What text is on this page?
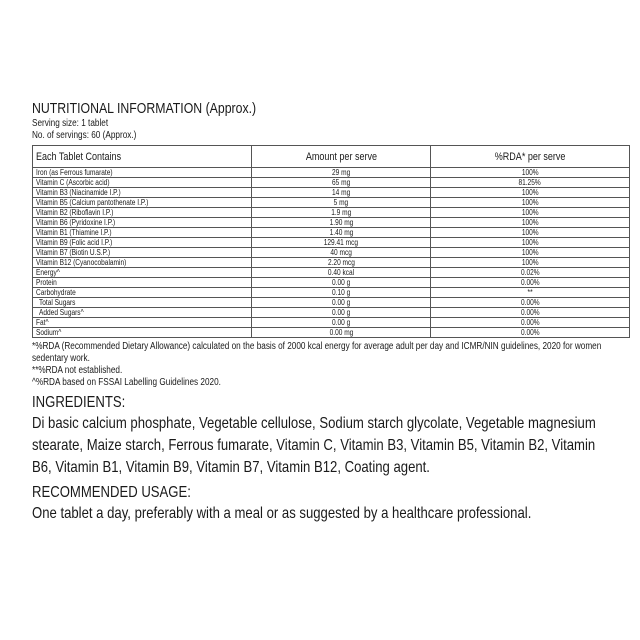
NUTRITIONAL INFORMATION (Approx.)
Serving size: 1 tablet
No. of servings: 60 (Approx.)
Each Tablet Contains	Amount per serve	%RDA* per serve
Iron (as Ferrous fumarate)	29 mg	100%
Vitamin C (Ascorbic acid)	65 mg	81.25%
Vitamin B3 (Niacinamide I.P.)	14 mg	100%
Vitamin B5 (Calcium pantothenate I.P.)	5 mg	100%
Vitamin B2 (Riboflavin I.P.)	1.9 mg	100%
Vitamin B6 (Pyridoxine I.P.)	1.90 mg	100%
Vitamin B1 (Thiamine I.P.)	1.40 mg	100%
Vitamin B9 (Folic acid I.P.)	129.41 mcg	100%
Vitamin B7 (Biotin U.S.P.)	40 mcg	100%
Vitamin B12 (Cyanocobalamin)	2.20 mcg	100%
Energy^	0.40 kcal	0.02%
Protein	0.00 g	0.00%
Carbohydrate	0.10 g	**
Total Sugars	0.00 g	0.00%
Added Sugars^	0.00 g	0.00%
Fat^	0.00 g	0.00%
Sodium^	0.00 mg	0.00%
*%RDA (Recommended Dietary Allowance) calculated on the basis of 2000 kcal energy for average adult per day and ICMR/NIN guidelines, 2020 for women sedentary work.
**%RDA not established.
^%RDA based on FSSAI Labelling Guidelines 2020.
INGREDIENTS:
Di basic calcium phosphate, Vegetable cellulose, Sodium starch glycolate, Vegetable magnesium stearate, Maize starch, Ferrous fumarate, Vitamin C, Vitamin B3, Vitamin B5, Vitamin B2, Vitamin B6, Vitamin B1, Vitamin B9, Vitamin B7, Vitamin B12, Coating agent.
RECOMMENDED USAGE:
One tablet a day, preferably with a meal or as suggested by a healthcare professional.
